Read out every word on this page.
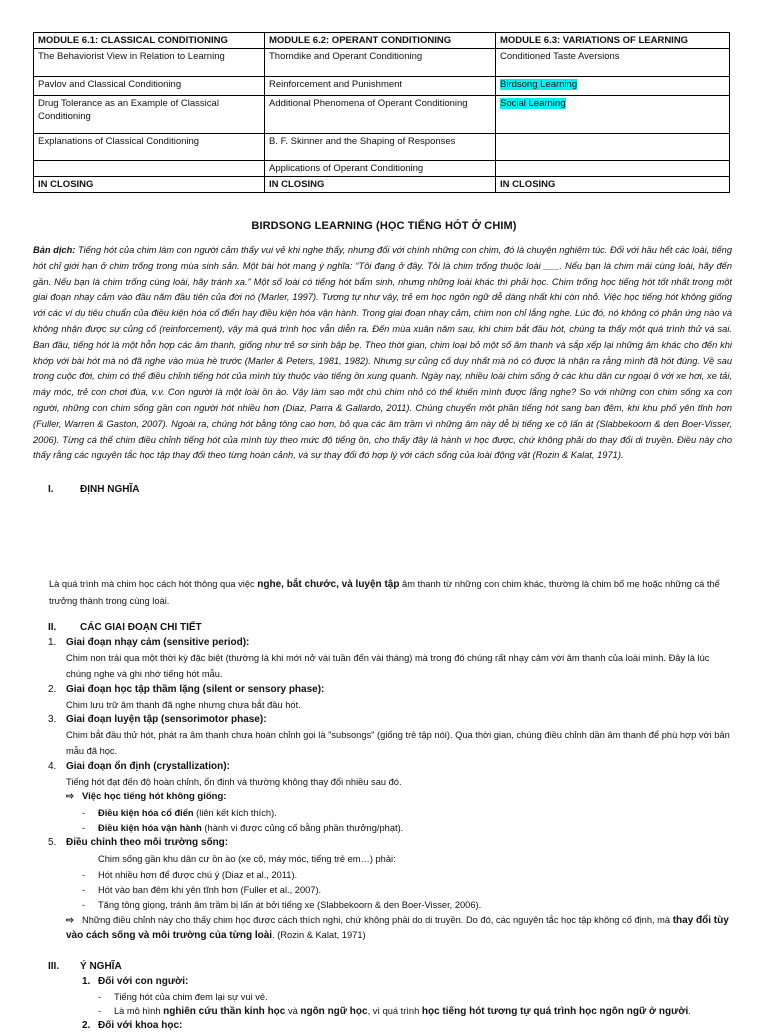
MODULE 6.1: CLASSICAL CONDITIONING	MODULE 6.2: OPERANT CONDITIONING	MODULE 6.3: VARIATIONS OF LEARNING
The Behaviorist View in Relation to Learning	Thorndike and Operant Conditioning	Conditioned Taste Aversions
Pavlov and Classical Conditioning	Reinforcement and Punishment	Birdsong Learning
Drug Tolerance as an Example of Classical Conditioning	Additional Phenomena of Operant Conditioning	Social Learning
Explanations of Classical Conditioning	B. F. Skinner and the Shaping of Responses	
	Applications of Operant Conditioning	
IN CLOSING	IN CLOSING	IN CLOSING
BIRDSONG LEARNING (HỌC TIẾNG HÓT Ở CHIM)
Bản dịch: Tiếng hót của chim làm con người cảm thấy vui vẻ khi nghe thấy, nhưng đối với chính những con chim, đó là chuyện nghiêm túc. Đối với hầu hết các loài, tiếng hót chỉ giới hạn ở chim trống trong mùa sinh sản. Một bài hót mang ý nghĩa: “Tôi đang ở đây. Tôi là chim trống thuộc loài ___. Nếu bạn là chim mái cùng loài, hãy đến gần. Nếu bạn là chim trống cùng loài, hãy tránh xa.” Một số loài có tiếng hót bẩm sinh, nhưng những loài khác thì phải học. Chim trống học tiếng hót tốt nhất trong một giai đoạn nhạy cảm vào đầu năm đầu tiên của đời nó (Marler, 1997). Tương tự như vậy, trẻ em học ngôn ngữ dễ dàng nhất khi còn nhỏ. Việc học tiếng hót không giống với các ví dụ tiêu chuẩn của điều kiện hóa cổ điển hay điều kiện hóa vận hành. Trong giai đoạn nhạy cảm, chim non chỉ lắng nghe. Lúc đó, nó không có phản ứng nào và không nhận được sự củng cố (reinforcement), vậy mà quá trình học vẫn diễn ra. Đến mùa xuân năm sau, khi chim bắt đầu hót, chúng ta thấy một quá trình thử và sai. Ban đầu, tiếng hót là một hỗn hợp các âm thanh, giống như trẻ sơ sinh bập bẹ. Theo thời gian, chim loại bỏ một số âm thanh và sắp xếp lại những âm khác cho đến khi khớp với bài hót mà nó đã nghe vào mùa hè trước (Marler & Peters, 1981, 1982). Nhưng sự củng cố duy nhất mà nó có được là nhận ra rằng mình đã hót đúng. Về sau trong cuộc đời, chim có thể điều chỉnh tiếng hót của mình tùy thuộc vào tiếng ồn xung quanh. Ngày nay, nhiều loài chim sống ở các khu dân cư ngoại ô với xe hơi, xe tải, máy móc, trẻ con chơi đùa, v.v. Con người là một loài ồn ào. Vậy làm sao một chú chim nhỏ có thể khiến mình được lắng nghe? So với những con chim sống xa con người, những con chim sống gần con người hót nhiều hơn (Diaz, Parra & Gallardo, 2011). Chúng chuyển một phần tiếng hót sang ban đêm, khi khu phố yên tĩnh hơn (Fuller, Warren & Gaston, 2007). Ngoài ra, chúng hót bằng tông cao hơn, bỏ qua các âm trầm vì những âm này dễ bị tiếng xe cộ lấn át (Slabbekoorn & den Boer-Visser, 2006). Từng cá thể chim điều chỉnh tiếng hót của mình tùy theo mức độ tiếng ồn, cho thấy đây là hành vi học được, chứ không phải do thay đổi di truyền. Điều này cho thấy rằng các nguyên tắc học tập thay đổi theo từng hoàn cảnh, và sự thay đổi đó hợp lý với cách sống của loài động vật (Rozin & Kalat, 1971).
I.	ĐỊNH NGHĨA
Là quá trình mà chim học cách hót thông qua việc nghe, bắt chước, và luyện tập âm thanh từ những con chim khác, thường là chim bố mẹ hoặc những cá thể trưởng thành trong cùng loài.
II. CÁC GIAI ĐOẠN CHI TIẾT
1. Giai đoạn nhạy cảm (sensitive period):
Chim non trải qua một thời kỳ đặc biệt (thường là khi mới nở vài tuần đến vài tháng) mà trong đó chúng rất nhạy cảm với âm thanh của loài mình. Đây là lúc chúng nghe và ghi nhớ tiếng hót mẫu.
2. Giai đoạn học tập thầm lặng (silent or sensory phase):
Chim lưu trữ âm thanh đã nghe nhưng chưa bắt đầu hót.
3. Giai đoạn luyện tập (sensorimotor phase):
Chim bắt đầu thử hót, phát ra âm thanh chưa hoàn chỉnh gọi là "subsongs" (giống trẻ tập nói). Qua thời gian, chúng điều chỉnh dần âm thanh để phù hợp với bản mẫu đã học.
4. Giai đoạn ổn định (crystallization):
Tiếng hót đạt đến độ hoàn chỉnh, ổn định và thường không thay đổi nhiều sau đó.
⇨ Việc học tiếng hót không giống:
- Điều kiện hóa cổ điển (liên kết kích thích).
- Điều kiện hóa vận hành (hành vi được củng cố bằng phần thưởng/phạt).
5. Điều chỉnh theo môi trường sống:
Chim sống gần khu dân cư ồn ào (xe cộ, máy móc, tiếng trẻ em…) phải:
- Hót nhiều hơn để được chú ý (Diaz et al., 2011).
- Hót vào ban đêm khi yên tĩnh hơn (Fuller et al., 2007).
- Tăng tông giọng, tránh âm trầm bị lấn át bởi tiếng xe (Slabbekoorn & den Boer-Visser, 2006).
⇨ Những điều chỉnh này cho thấy chim học được cách thích nghi, chứ không phải do di truyền. Do đó, các nguyên tắc học tập không cố định, mà thay đổi tùy vào cách sống và môi trường của từng loài. (Rozin & Kalat, 1971)
III. Ý NGHĨA
1. Đối với con người:
- Tiếng hót của chim đem lại sự vui vẻ.
- Là mô hình nghiên cứu thần kinh học và ngôn ngữ học, vì quá trình học tiếng hót tương tự quá trình học ngôn ngữ ở người.
2. Đối với khoa học:
